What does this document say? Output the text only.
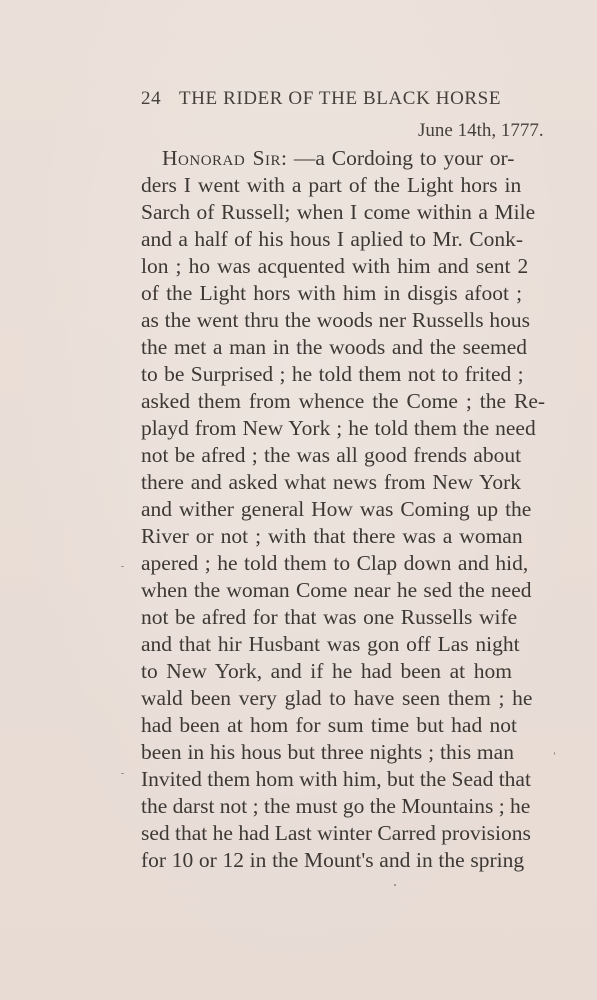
24 THE RIDER OF THE BLACK HORSE
June 14th, 1777.
Honorad Sir: —a Cordoing to your or-
ders I went with a part of the Light hors in
Sarch of Russell; when I come within a Mile
and a half of his hous I aplied to Mr. Conk-
lon ; ho was acquented with him and sent 2
of the Light hors with him in disgis afoot ;
as the went thru the woods ner Russells hous
the met a man in the woods and the seemed
to be Surprised ; he told them not to frited ;
asked them from whence the Come ; the Re-
playd from New York ; he told them the need
not be afred ; the was all good frends about
there and asked what news from New York
and wither general How was Coming up the
River or not ; with that there was a woman
apered ; he told them to Clap down and hid,
when the woman Come near he sed the need
not be afred for that was one Russells wife
and that hir Husbant was gon off Las night
to New York, and if he had been at hom
wald been very glad to have seen them ; he
had been at hom for sum time but had not
been in his hous but three nights ; this man
Invited them hom with him, but the Sead that
the darst not ; the must go the Mountains ; he
sed that he had Last winter Carred provisions
for 10 or 12 in the Mount's and in the spring
